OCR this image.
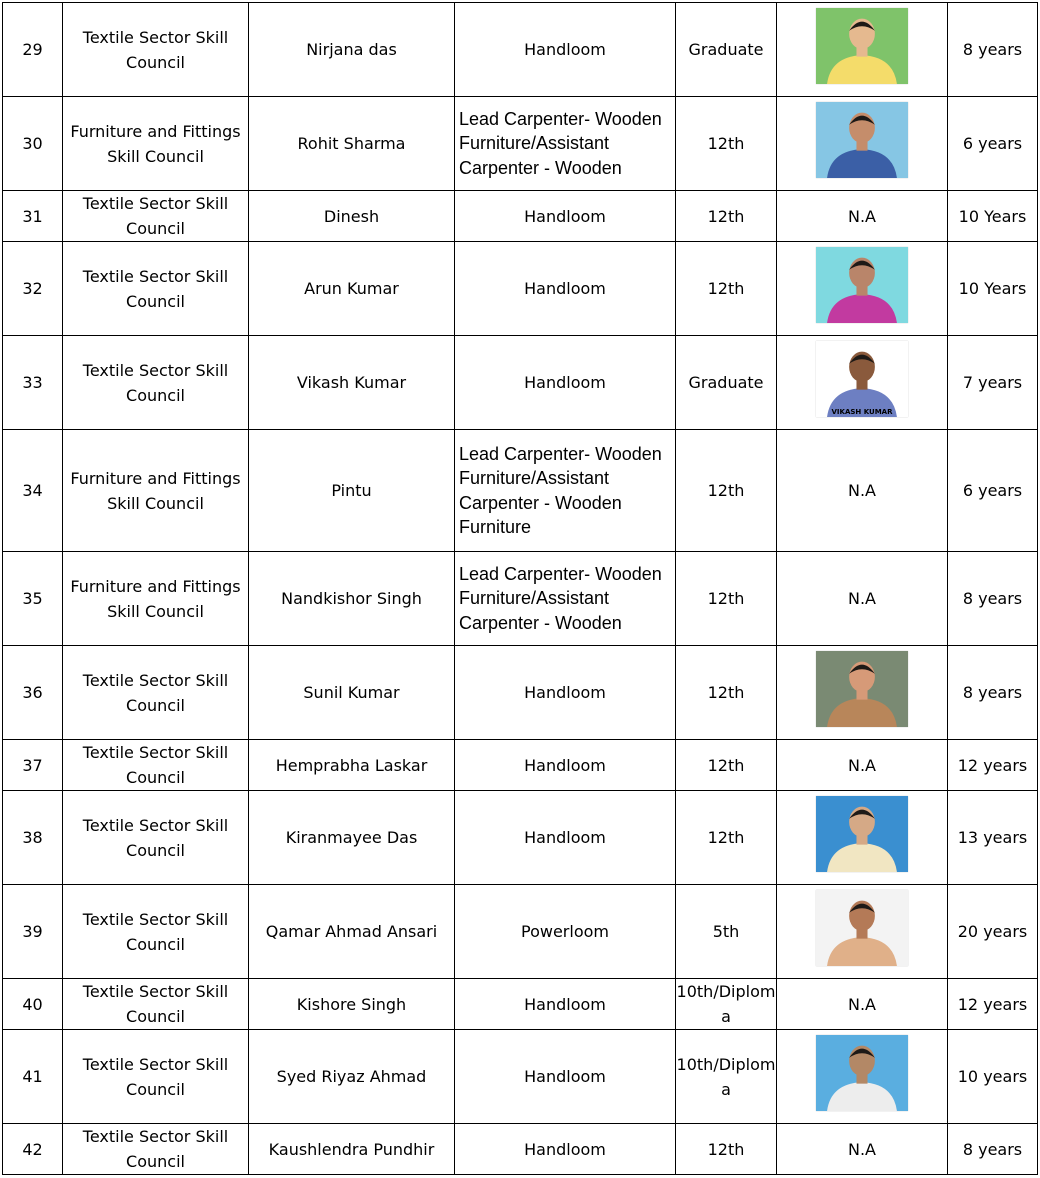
29	Textile Sector Skill Council	Nirjana das	Handloom	Graduate		8 years
30	Furniture and Fittings Skill Council	Rohit Sharma	Lead Carpenter- Wooden Furniture/Assistant Carpenter - Wooden	12th		6 years
31	Textile Sector Skill Council	Dinesh	Handloom	12th	N.A	10 Years
32	Textile Sector Skill Council	Arun Kumar	Handloom	12th		10 Years
33	Textile Sector Skill Council	Vikash Kumar	Handloom	Graduate	VIKASH KUMAR	7 years
34	Furniture and Fittings Skill Council	Pintu	Lead Carpenter- Wooden Furniture/Assistant Carpenter - Wooden Furniture	12th	N.A	6 years
35	Furniture and Fittings Skill Council	Nandkishor Singh	Lead Carpenter- Wooden Furniture/Assistant Carpenter - Wooden	12th	N.A	8 years
36	Textile Sector Skill Council	Sunil Kumar	Handloom	12th		8 years
37	Textile Sector Skill Council	Hemprabha Laskar	Handloom	12th	N.A	12 years
38	Textile Sector Skill Council	Kiranmayee Das	Handloom	12th		13 years
39	Textile Sector Skill Council	Qamar Ahmad Ansari	Powerloom	5th		20 years
40	Textile Sector Skill Council	Kishore Singh	Handloom	10th/Diploma	N.A	12 years
41	Textile Sector Skill Council	Syed Riyaz Ahmad	Handloom	10th/Diploma		10 years
42	Textile Sector Skill Council	Kaushlendra Pundhir	Handloom	12th	N.A	8 years
